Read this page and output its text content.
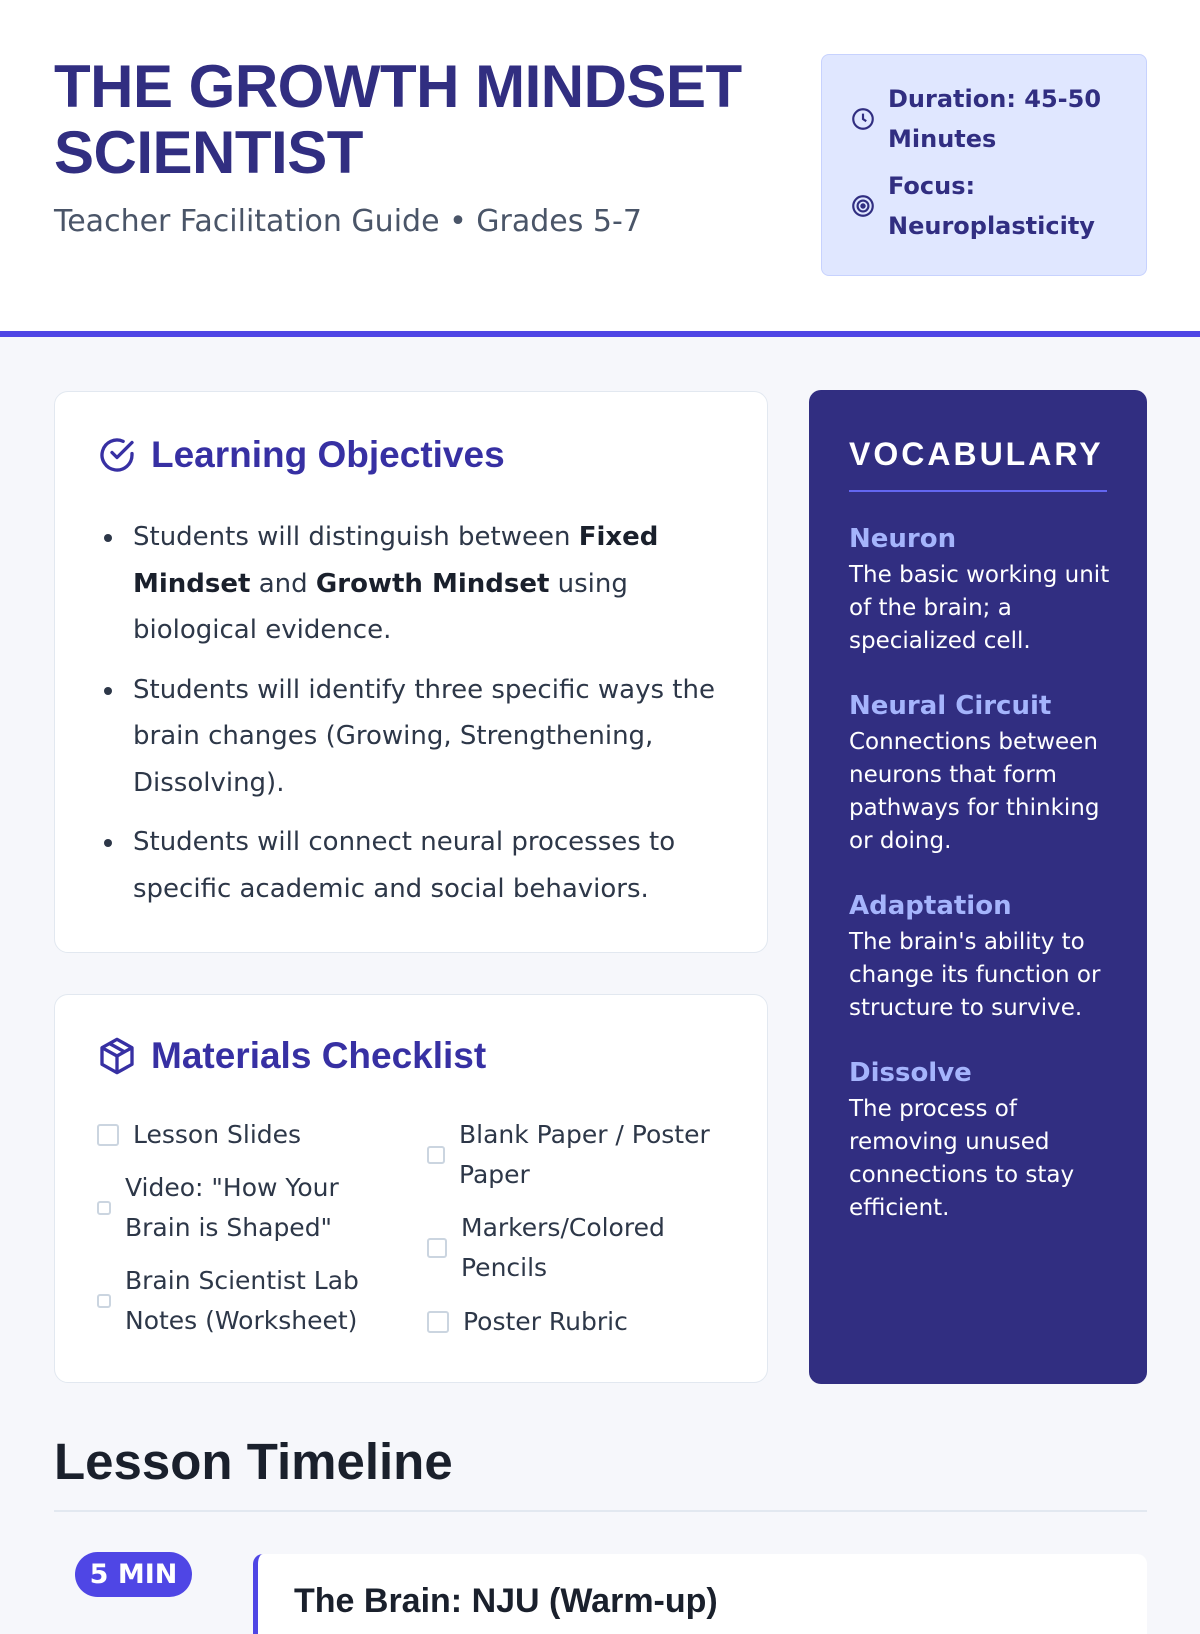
THE GROWTH MINDSET SCIENTIST
Teacher Facilitation Guide • Grades 5-7
Duration: 45-50
Minutes
Focus:
Neuroplasticity
Learning Objectives
Students will distinguish between Fixed Mindset and Growth Mindset using biological evidence.
Students will identify three specific ways the brain changes (Growing, Strengthening, Dissolving).
Students will connect neural processes to specific academic and social behaviors.
Materials Checklist
Lesson Slides
Video: "How Your Brain is Shaped"
Brain Scientist Lab Notes (Worksheet)
Blank Paper / Poster Paper
Markers/Colored Pencils
Poster Rubric
VOCABULARY
Neuron
The basic working unit of the brain; a specialized cell.
Neural Circuit
Connections between neurons that form pathways for thinking or doing.
Adaptation
The brain's ability to change its function or structure to survive.
Dissolve
The process of removing unused connections to stay efficient.
Lesson Timeline
5 MIN
The Brain: NJU (Warm-up)
